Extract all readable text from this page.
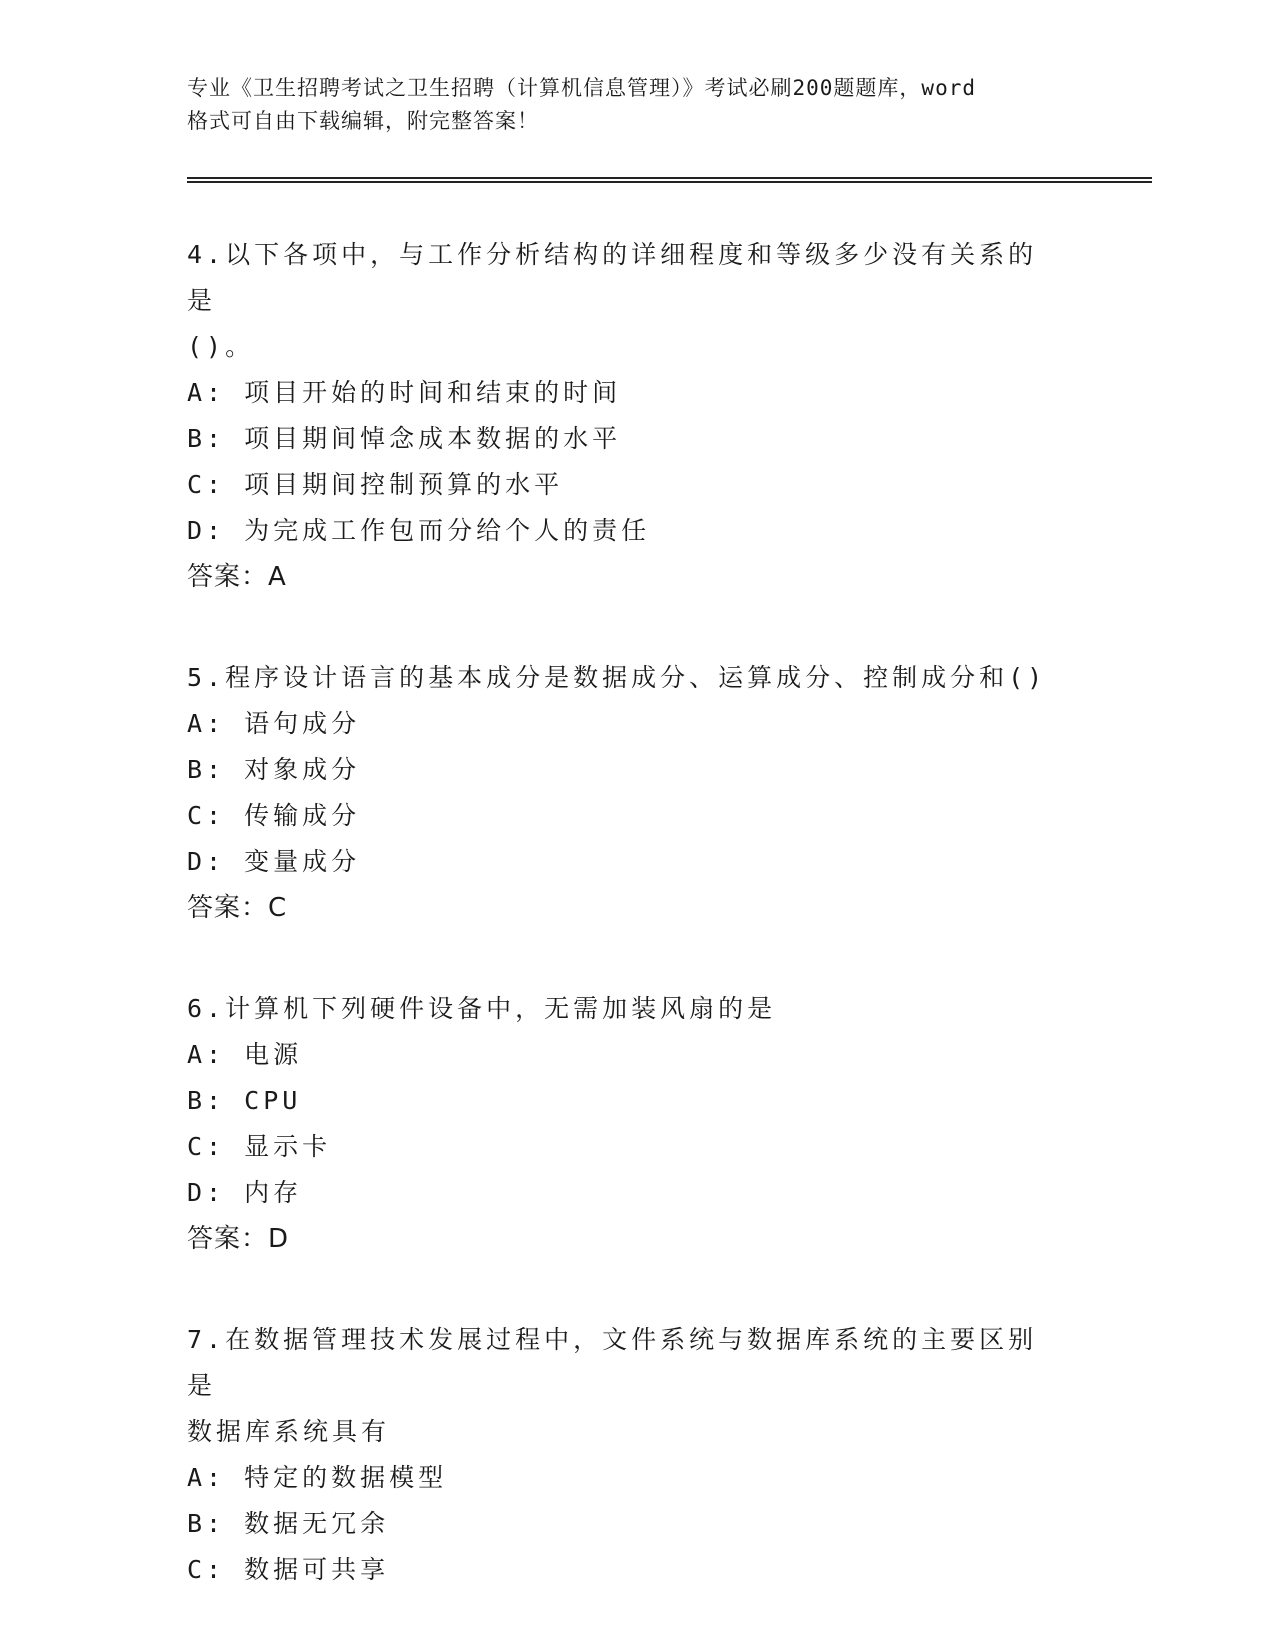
专业《卫生招聘考试之卫生招聘（计算机信息管理）》考试必刷200题题库，word
格式可自由下载编辑，附完整答案！

4.以下各项中，与工作分析结构的详细程度和等级多少没有关系的是

()。

A: 项目开始的时间和结束的时间

B: 项目期间悼念成本数据的水平

C: 项目期间控制预算的水平

D: 为完成工作包而分给个人的责任

答案：A

5.程序设计语言的基本成分是数据成分、运算成分、控制成分和()

A: 语句成分

B: 对象成分

C: 传输成分

D: 变量成分

答案：C

6.计算机下列硬件设备中，无需加装风扇的是

A: 电源

B: CPU

C: 显示卡

D: 内存

答案：D

7.在数据管理技术发展过程中，文件系统与数据库系统的主要区别是

数据库系统具有

A: 特定的数据模型

B: 数据无冗余

C: 数据可共享
